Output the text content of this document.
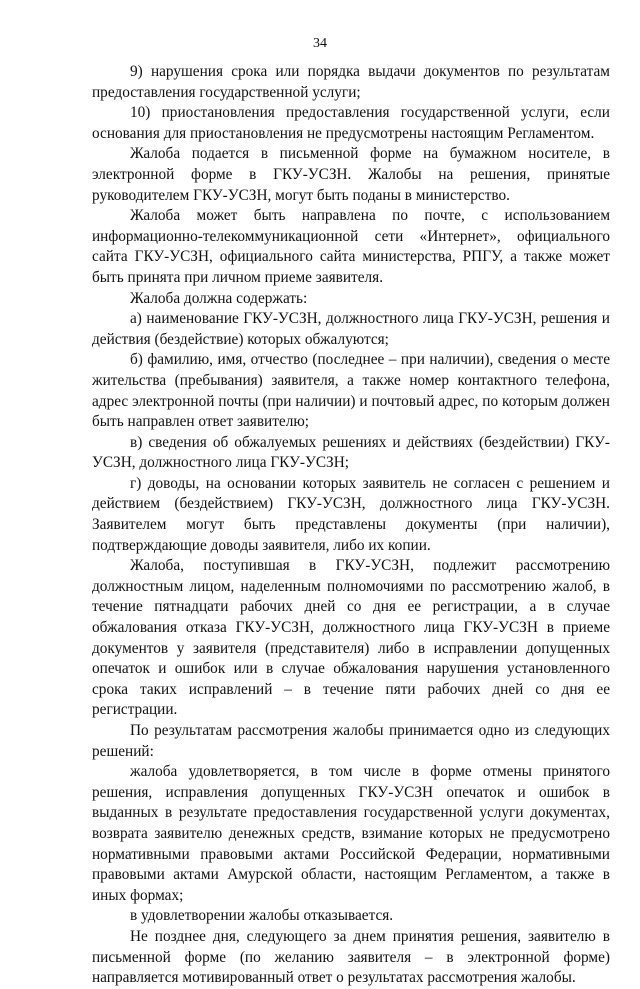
34

9) нарушения срока или порядка выдачи документов по результатам предоставления государственной услуги;

10) приостановления предоставления государственной услуги, если основания для приостановления не предусмотрены настоящим Регламентом.

Жалоба подается в письменной форме на бумажном носителе, в электронной форме в ГКУ-УСЗН. Жалобы на решения, принятые руководителем ГКУ-УСЗН, могут быть поданы в министерство.

Жалоба может быть направлена по почте, с использованием информационно-телекоммуникационной сети «Интернет», официального сайта ГКУ-УСЗН, официального сайта министерства, РПГУ, а также может быть принята при личном приеме заявителя.

Жалоба должна содержать:

а) наименование ГКУ-УСЗН, должностного лица ГКУ-УСЗН, решения и действия (бездействие) которых обжалуются;

б) фамилию, имя, отчество (последнее – при наличии), сведения о месте жительства (пребывания) заявителя, а также номер контактного телефона, адрес электронной почты (при наличии) и почтовый адрес, по которым должен быть направлен ответ заявителю;

в) сведения об обжалуемых решениях и действиях (бездействии) ГКУ-УСЗН, должностного лица ГКУ-УСЗН;

г) доводы, на основании которых заявитель не согласен с решением и действием (бездействием) ГКУ-УСЗН, должностного лица ГКУ-УСЗН. Заявителем могут быть представлены документы (при наличии), подтверждающие доводы заявителя, либо их копии.

Жалоба, поступившая в ГКУ-УСЗН, подлежит рассмотрению должностным лицом, наделенным полномочиями по рассмотрению жалоб, в течение пятнадцати рабочих дней со дня ее регистрации, а в случае обжалования отказа ГКУ-УСЗН, должностного лица ГКУ-УСЗН в приеме документов у заявителя (представителя) либо в исправлении допущенных опечаток и ошибок или в случае обжалования нарушения установленного срока таких исправлений – в течение пяти рабочих дней со дня ее регистрации.

По результатам рассмотрения жалобы принимается одно из следующих решений:

жалоба удовлетворяется, в том числе в форме отмены принятого решения, исправления допущенных ГКУ-УСЗН опечаток и ошибок в выданных в результате предоставления государственной услуги документах, возврата заявителю денежных средств, взимание которых не предусмотрено нормативными правовыми актами Российской Федерации, нормативными правовыми актами Амурской области, настоящим Регламентом, а также в иных формах;

в удовлетворении жалобы отказывается.

Не позднее дня, следующего за днем принятия решения, заявителю в письменной форме (по желанию заявителя – в электронной форме) направляется мотивированный ответ о результатах рассмотрения жалобы.
